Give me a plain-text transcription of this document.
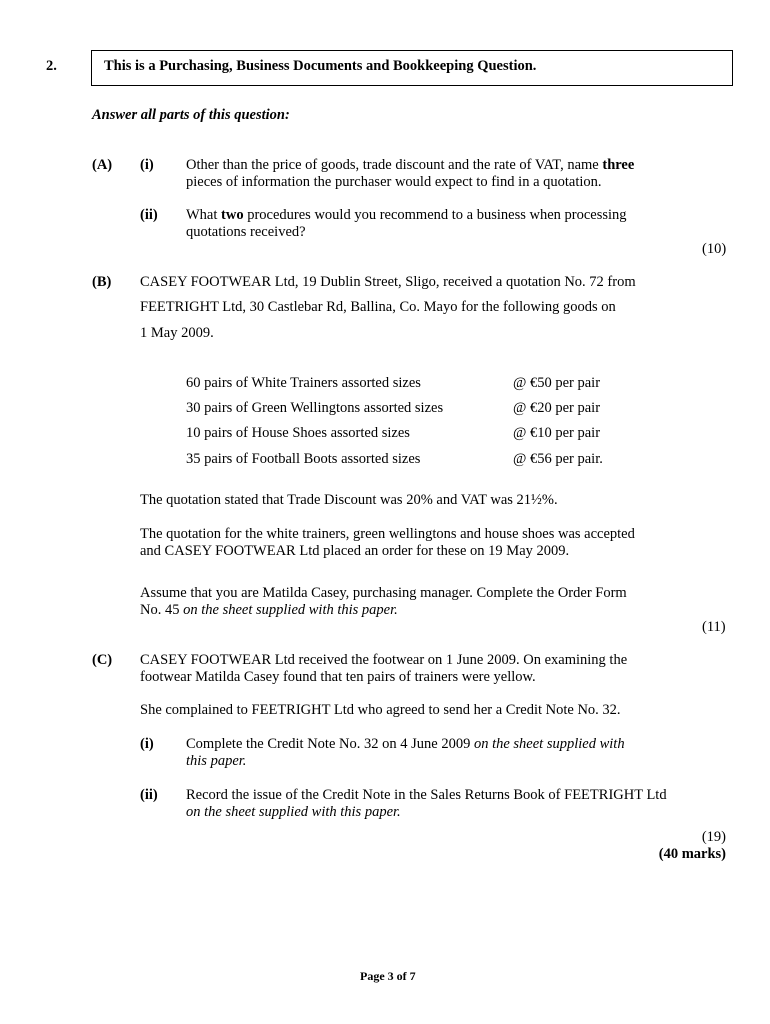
2.	This is a Purchasing, Business Documents and Bookkeeping Question.
Answer all parts of this question:
(A) (i) Other than the price of goods, trade discount and the rate of VAT, name three
pieces of information the purchaser would expect to find in a quotation.
(ii) What two procedures would you recommend to a business when processing
quotations received?
(10)
(B) CASEY FOOTWEAR Ltd, 19 Dublin Street, Sligo, received a quotation No. 72 from
FEETRIGHT Ltd, 30 Castlebar Rd, Ballina, Co. Mayo for the following goods on
1 May 2009.
60 pairs of White Trainers assorted sizes	@ €50 per pair
30 pairs of Green Wellingtons assorted sizes	@ €20 per pair
10 pairs of House Shoes assorted sizes	@ €10 per pair
35 pairs of Football Boots assorted sizes	@ €56 per pair.
The quotation stated that Trade Discount was 20% and VAT was 21½%.
The quotation for the white trainers, green wellingtons and house shoes was accepted
and CASEY FOOTWEAR Ltd placed an order for these on 19 May 2009.
Assume that you are Matilda Casey, purchasing manager. Complete the Order Form
No. 45 on the sheet supplied with this paper.
(11)
(C) CASEY FOOTWEAR Ltd received the footwear on 1 June 2009. On examining the
footwear Matilda Casey found that ten pairs of trainers were yellow.
She complained to FEETRIGHT Ltd who agreed to send her a Credit Note No. 32.
(i) Complete the Credit Note No. 32 on 4 June 2009 on the sheet supplied with
this paper.
(ii) Record the issue of the Credit Note in the Sales Returns Book of FEETRIGHT Ltd
on the sheet supplied with this paper.
(19)
(40 marks)
Page 3 of 7
